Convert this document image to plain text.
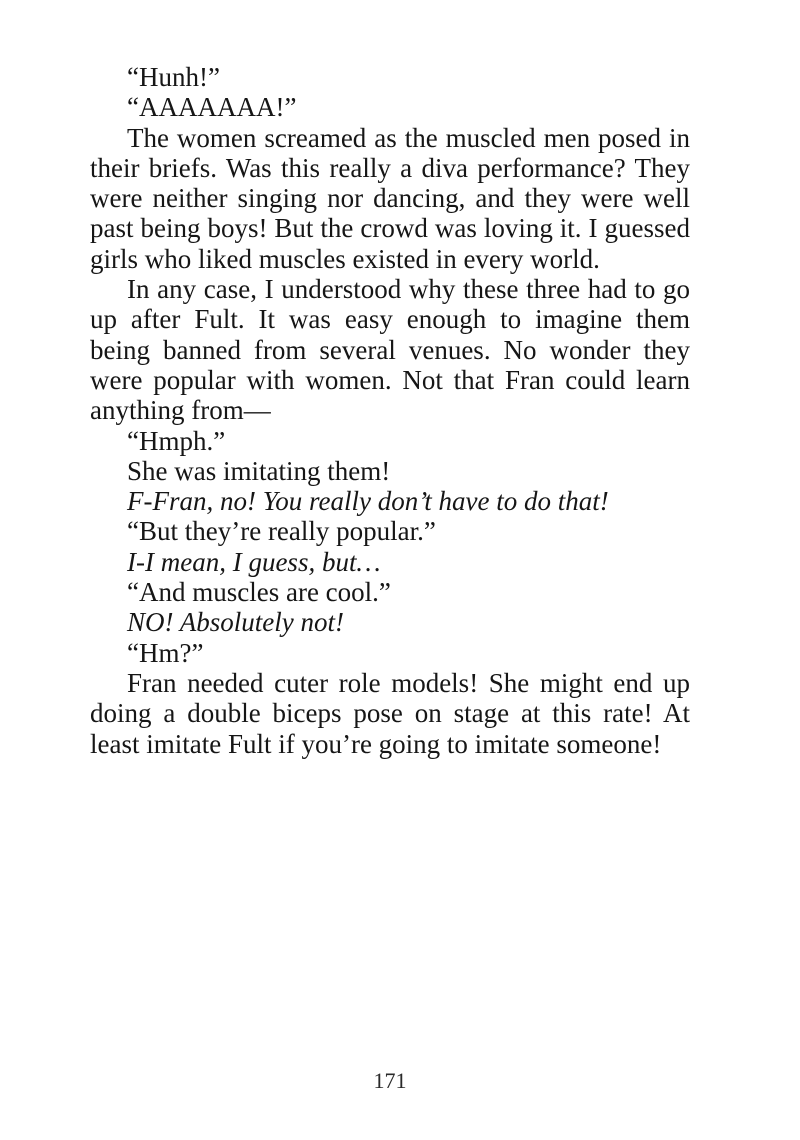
“Hunh!”

“AAAAAAA!”

The women screamed as the muscled men posed in their briefs. Was this really a diva performance? They were neither singing nor dancing, and they were well past being boys! But the crowd was loving it. I guessed girls who liked muscles existed in every world.

In any case, I understood why these three had to go up after Fult. It was easy enough to imagine them being banned from several venues. No wonder they were popular with women. Not that Fran could learn anything from—

“Hmph.”

She was imitating them!

F-Fran, no! You really don’t have to do that!

“But they’re really popular.”

I-I mean, I guess, but…

“And muscles are cool.”

NO! Absolutely not!

“Hm?”

Fran needed cuter role models! She might end up doing a double biceps pose on stage at this rate! At least imitate Fult if you’re going to imitate someone!

171
